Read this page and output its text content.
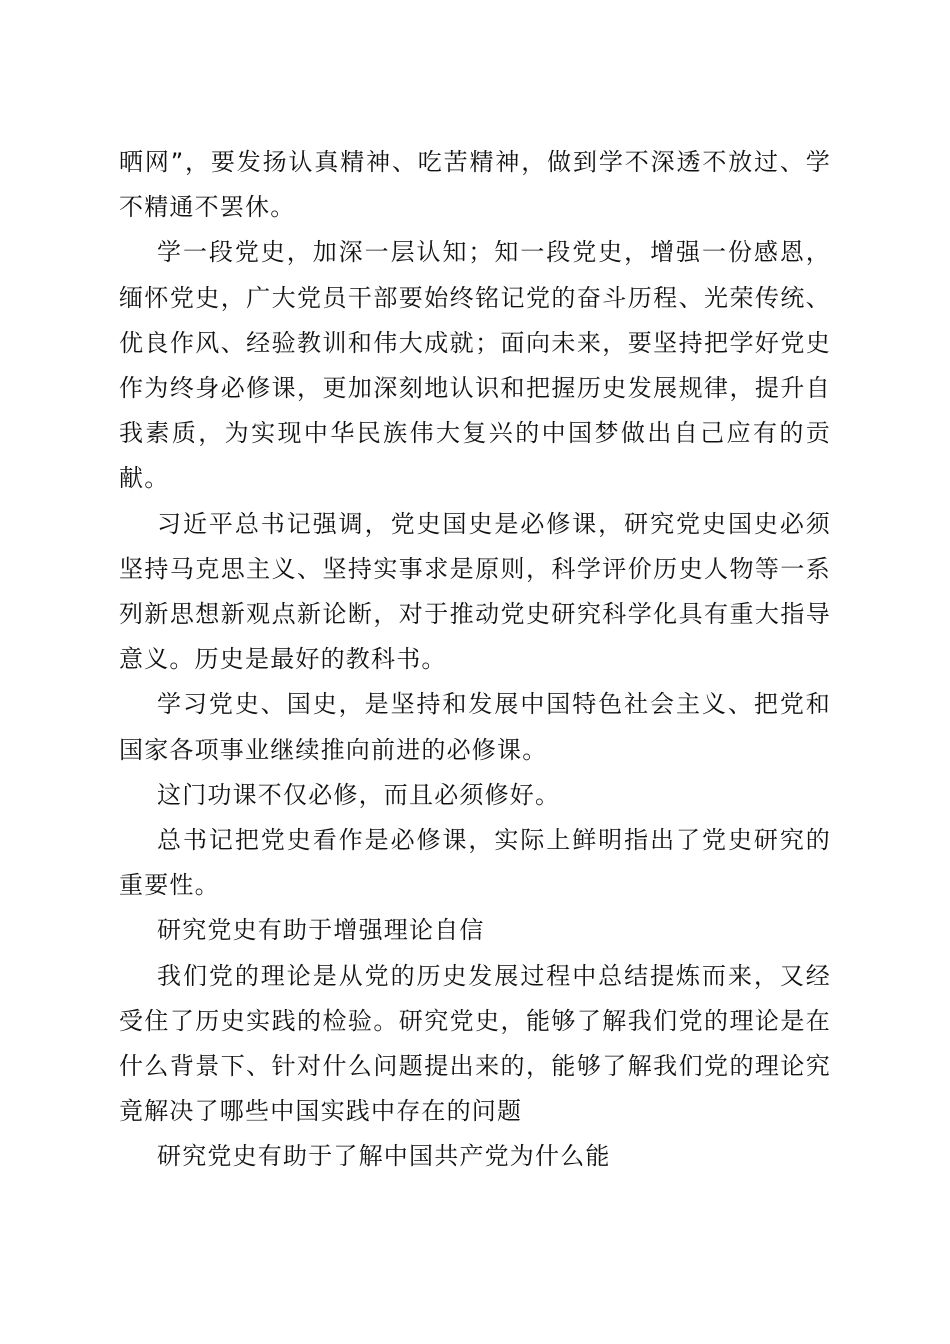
晒网”，要发扬认真精神、吃苦精神，做到学不深透不放过、学不精通不罢休。

学一段党史，加深一层认知；知一段党史，增强一份感恩，缅怀党史，广大党员干部要始终铭记党的奋斗历程、光荣传统、优良作风、经验教训和伟大成就；面向未来，要坚持把学好党史作为终身必修课，更加深刻地认识和把握历史发展规律，提升自我素质，为实现中华民族伟大复兴的中国梦做出自己应有的贡献。

习近平总书记强调，党史国史是必修课，研究党史国史必须坚持马克思主义、坚持实事求是原则，科学评价历史人物等一系列新思想新观点新论断，对于推动党史研究科学化具有重大指导意义。历史是最好的教科书。

学习党史、国史，是坚持和发展中国特色社会主义、把党和国家各项事业继续推向前进的必修课。

这门功课不仅必修，而且必须修好。

总书记把党史看作是必修课，实际上鲜明指出了党史研究的重要性。

研究党史有助于增强理论自信

我们党的理论是从党的历史发展过程中总结提炼而来，又经受住了历史实践的检验。研究党史，能够了解我们党的理论是在什么背景下、针对什么问题提出来的，能够了解我们党的理论究竟解决了哪些中国实践中存在的问题

研究党史有助于了解中国共产党为什么能
